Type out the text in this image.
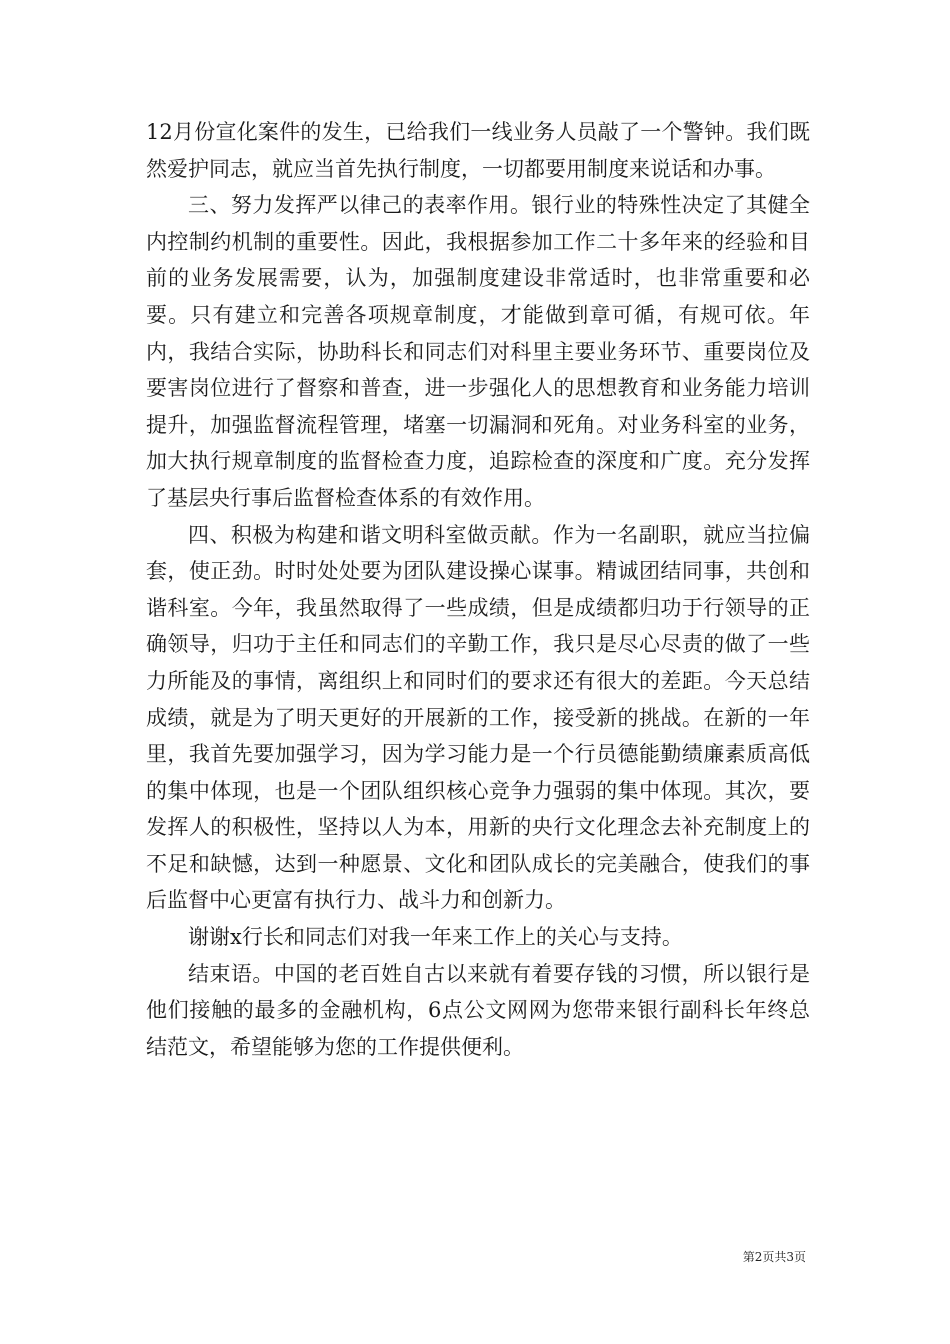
12月份宣化案件的发生，已给我们一线业务人员敲了一个警钟。我们既然爱护同志，就应当首先执行制度，一切都要用制度来说话和办事。

三、努力发挥严以律己的表率作用。银行业的特殊性决定了其健全内控制约机制的重要性。因此，我根据参加工作二十多年来的经验和目前的业务发展需要，认为，加强制度建设非常适时，也非常重要和必要。只有建立和完善各项规章制度，才能做到章可循，有规可依。年内，我结合实际，协助科长和同志们对科里主要业务环节、重要岗位及要害岗位进行了督察和普查，进一步强化人的思想教育和业务能力培训提升，加强监督流程管理，堵塞一切漏洞和死角。对业务科室的业务，加大执行规章制度的监督检查力度，追踪检查的深度和广度。充分发挥了基层央行事后监督检查体系的有效作用。

四、积极为构建和谐文明科室做贡献。作为一名副职，就应当拉偏套，使正劲。时时处处要为团队建设操心谋事。精诚团结同事，共创和谐科室。今年，我虽然取得了一些成绩，但是成绩都归功于行领导的正确领导，归功于主任和同志们的辛勤工作，我只是尽心尽责的做了一些力所能及的事情，离组织上和同时们的要求还有很大的差距。今天总结成绩，就是为了明天更好的开展新的工作，接受新的挑战。在新的一年里，我首先要加强学习，因为学习能力是一个行员德能勤绩廉素质高低的集中体现，也是一个团队组织核心竞争力强弱的集中体现。其次，要发挥人的积极性，坚持以人为本，用新的央行文化理念去补充制度上的不足和缺憾，达到一种愿景、文化和团队成长的完美融合，使我们的事后监督中心更富有执行力、战斗力和创新力。

谢谢x行长和同志们对我一年来工作上的关心与支持。

结束语。中国的老百姓自古以来就有着要存钱的习惯，所以银行是他们接触的最多的金融机构，6点公文网网为您带来银行副科长年终总结范文，希望能够为您的工作提供便利。

第2页共3页
